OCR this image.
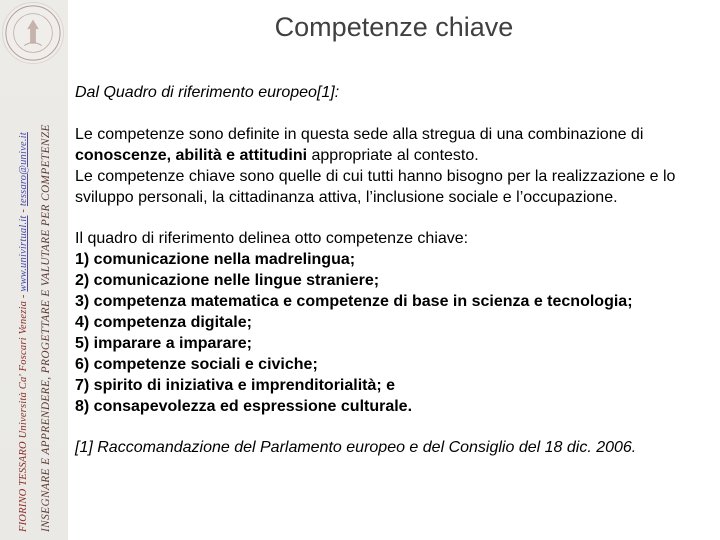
FIORINO TESSARO Università Ca' Foscari Venezia - www.univirtual.it - tessaro@unive.it INSEGNARE E APPRENDERE, PROGETTARE E VALUTARE PER COMPETENZE
Competenze chiave

Dal Quadro di riferimento europeo[1]:

Le competenze sono definite in questa sede alla stregua di una combinazione di conoscenze, abilità e attitudini appropriate al contesto.

Le competenze chiave sono quelle di cui tutti hanno bisogno per la realizzazione e lo sviluppo personali, la cittadinanza attiva, l’inclusione sociale e l’occupazione.

Il quadro di riferimento delinea otto competenze chiave:

1) comunicazione nella madrelingua;
2) comunicazione nelle lingue straniere;
3) competenza matematica e competenze di base in scienza e tecnologia;
4) competenza digitale;
5) imparare a imparare;
6) competenze sociali e civiche;
7) spirito di iniziativa e imprenditorialità; e
8) consapevolezza ed espressione culturale.

[1] Raccomandazione del Parlamento europeo e del Consiglio del 18 dic. 2006.
